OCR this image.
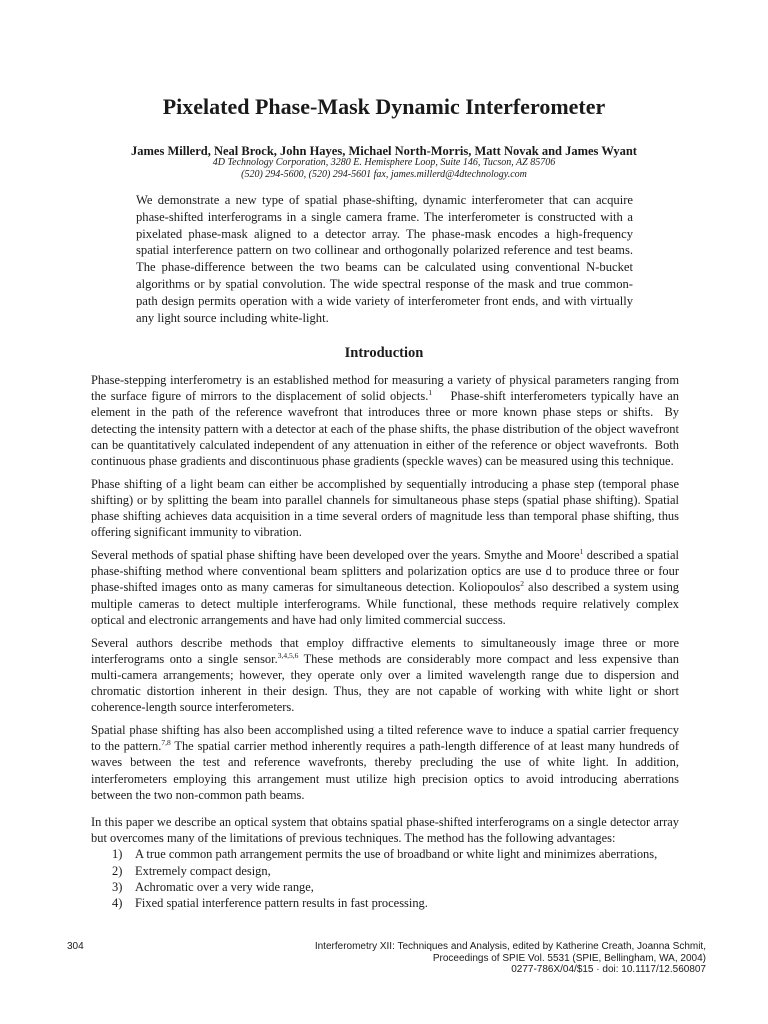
Pixelated Phase-Mask Dynamic Interferometer
James Millerd, Neal Brock, John Hayes, Michael North-Morris, Matt Novak and James Wyant
4D Technology Corporation, 3280 E. Hemisphere Loop, Suite 146, Tucson, AZ 85706
(520) 294-5600, (520) 294-5601 fax, james.millerd@4dtechnology.com

We demonstrate a new type of spatial phase-shifting, dynamic interferometer that can acquire phase-shifted interferograms in a single camera frame. The interferometer is constructed with a pixelated phase-mask aligned to a detector array. The phase-mask encodes a high-frequency spatial interference pattern on two collinear and orthogonally polarized reference and test beams. The phase-difference between the two beams can be calculated using conventional N-bucket algorithms or by spatial convolution. The wide spectral response of the mask and true common-path design permits operation with a wide variety of interferometer front ends, and with virtually any light source including white-light.

Introduction

Phase-stepping interferometry is an established method for measuring a variety of physical parameters ranging from the surface figure of mirrors to the displacement of solid objects.$^1$    Phase-shift interferometers typically have an element in the path of the reference wavefront that introduces three or more known phase steps or shifts.  By detecting the intensity pattern with a detector at each of the phase shifts, the phase distribution of the object wavefront can be quantitatively calculated independent of any attenuation in either of the reference or object wavefronts.  Both continuous phase gradients and discontinuous phase gradients (speckle waves) can be measured using this technique.

Phase shifting of a light beam can either be accomplished by sequentially introducing a phase step (temporal phase shifting) or by splitting the beam into parallel channels for simultaneous phase steps (spatial phase shifting). Spatial phase shifting achieves data acquisition in a time several orders of magnitude less than temporal phase shifting, thus offering significant immunity to vibration.

Several methods of spatial phase shifting have been developed over the years. Smythe and Moore$^1$ described a spatial phase-shifting method where conventional beam splitters and polarization optics are use d to produce three or four phase-shifted images onto as many cameras for simultaneous detection. Koliopoulos$^2$ also described a system using multiple cameras to detect multiple interferograms. While functional, these methods require relatively complex optical and electronic arrangements and have had only limited commercial success.

Several authors describe methods that employ diffractive elements to simultaneously image three or more interferograms onto a single sensor.$^{3,4,5,6}$ These methods are considerably more compact and less expensive than multi-camera arrangements; however, they operate only over a limited wavelength range due to dispersion and chromatic distortion inherent in their design. Thus, they are not capable of working with white light or short coherence-length source interferometers.

Spatial phase shifting has also been accomplished using a tilted reference wave to induce a spatial carrier frequency to the pattern.$^{7,8}$ The spatial carrier method inherently requires a path-length difference of at least many hundreds of waves between the test and reference wavefronts, thereby precluding the use of white light. In addition, interferometers employing this arrangement must utilize high precision optics to avoid introducing aberrations between the two non-common path beams.

In this paper we describe an optical system that obtains spatial phase-shifted interferograms on a single detector array but overcomes many of the limitations of previous techniques. The method has the following advantages:

1)	A true common path arrangement permits the use of broadband or white light and minimizes aberrations,
2)	Extremely compact design,
3)	Achromatic over a very wide range,
4)	Fixed spatial interference pattern results in fast processing.
304	Interferometry XII: Techniques and Analysis, edited by Katherine Creath, Joanna Schmit,
Proceedings of SPIE Vol. 5531 (SPIE, Bellingham, WA, 2004)
0277-786X/04/$15 · doi: 10.1117/12.560807
